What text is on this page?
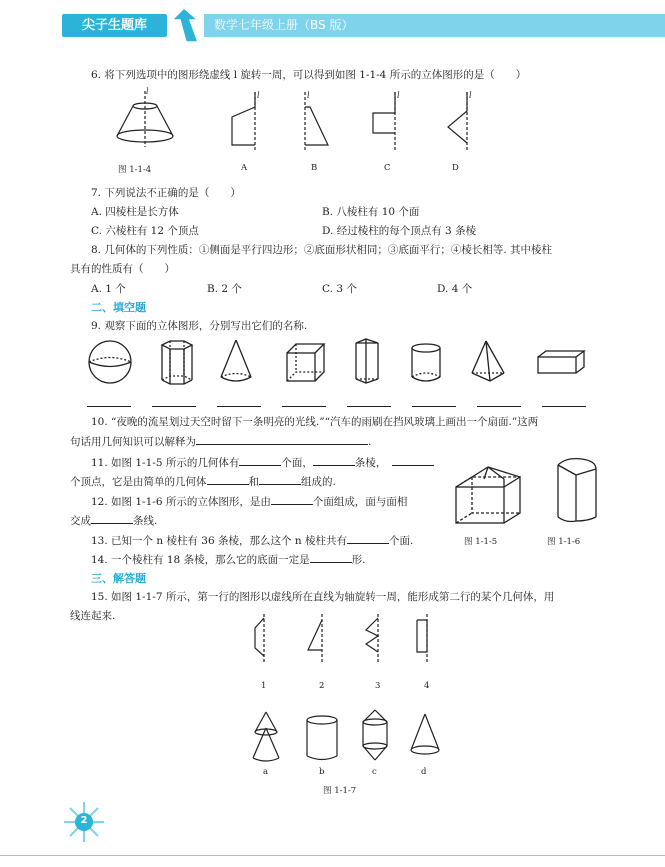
尖子生题库	数学七年级上册（BS 版）
6. 将下列选项中的图形绕虚线 l 旋转一周，可以得到如图 1-1-4 所示的立体图形的是（　　）
l	l	l	l	l
图 1-1-4	A	B	C	D
7. 下列说法不正确的是（　　）
A. 四棱柱是长方体	B. 八棱柱有 10 个面
C. 六棱柱有 12 个顶点	D. 经过棱柱的每个顶点有 3 条棱
8. 几何体的下列性质：①侧面是平行四边形；②底面形状相同；③底面平行；④棱长相等. 其中棱柱
具有的性质有（　　）
A. 1 个	B. 2 个	C. 3 个	D. 4 个
二、填空题
9. 观察下面的立体图形，分别写出它们的名称.
10. “夜晚的流星划过天空时留下一条明亮的光线.”“汽车的雨刷在挡风玻璃上画出一个扇面.”这两
句话用几何知识可以解释为	.
11. 如图 1-1-5 所示的几何体有	个面，	条棱，
个顶点，它是由简单的几何体	和	组成的.
12. 如图 1-1-6 所示的立体图形，是由	个面组成，面与面相
交成	条线.
13. 已知一个 n 棱柱有 36 条棱，那么这个 n 棱柱共有	个面.
14. 一个棱柱有 18 条棱，那么它的底面一定是	形.
图 1-1-5	图 1-1-6
三、解答题
15. 如图 1-1-7 所示，第一行的图形以虚线所在直线为轴旋转一周，能形成第二行的某个几何体，用
线连起来.
1	2	3	4
a	b	c	d
图 1-1-7
2
